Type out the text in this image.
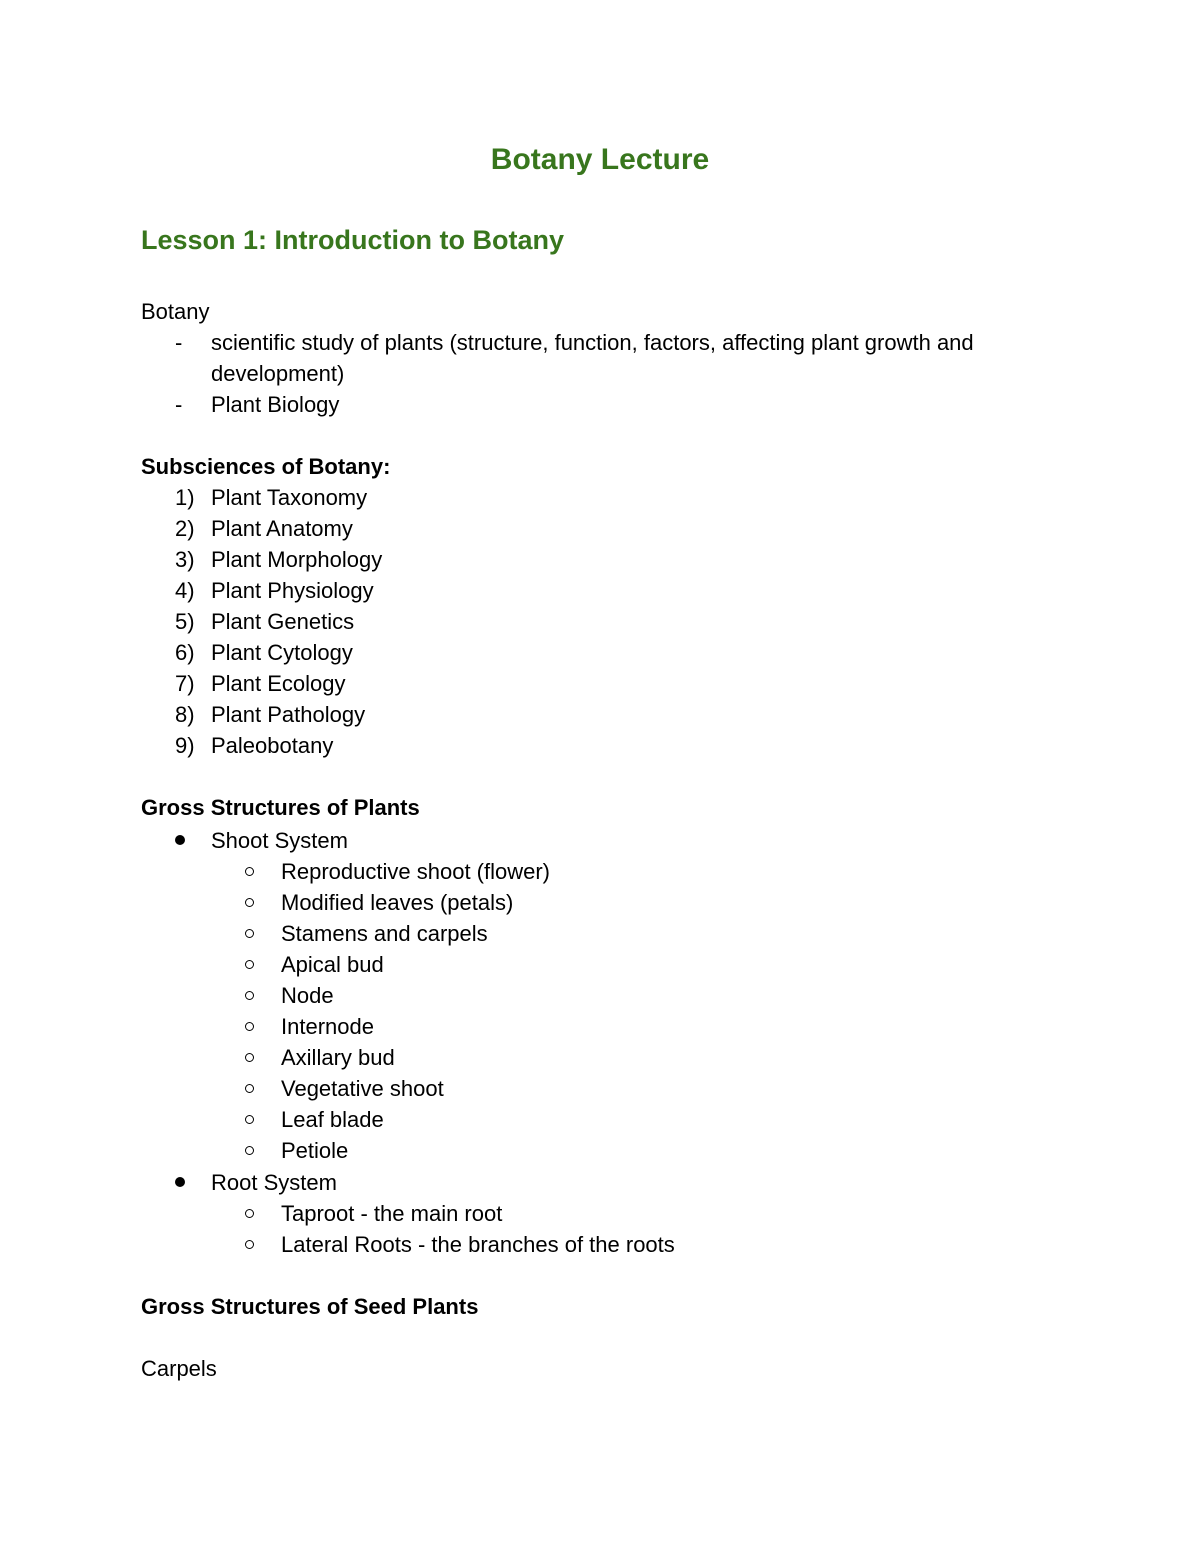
Botany Lecture
Lesson 1: Introduction to Botany
Botany
- scientific study of plants (structure, function, factors, affecting plant growth and
development)
- Plant Biology
Subsciences of Botany:
1) Plant Taxonomy
2) Plant Anatomy
3) Plant Morphology
4) Plant Physiology
5) Plant Genetics
6) Plant Cytology
7) Plant Ecology
8) Plant Pathology
9) Paleobotany
Gross Structures of Plants
Shoot System
Reproductive shoot (flower)
Modified leaves (petals)
Stamens and carpels
Apical bud
Node
Internode
Axillary bud
Vegetative shoot
Leaf blade
Petiole
Root System
Taproot - the main root
Lateral Roots - the branches of the roots
Gross Structures of Seed Plants
Carpels
